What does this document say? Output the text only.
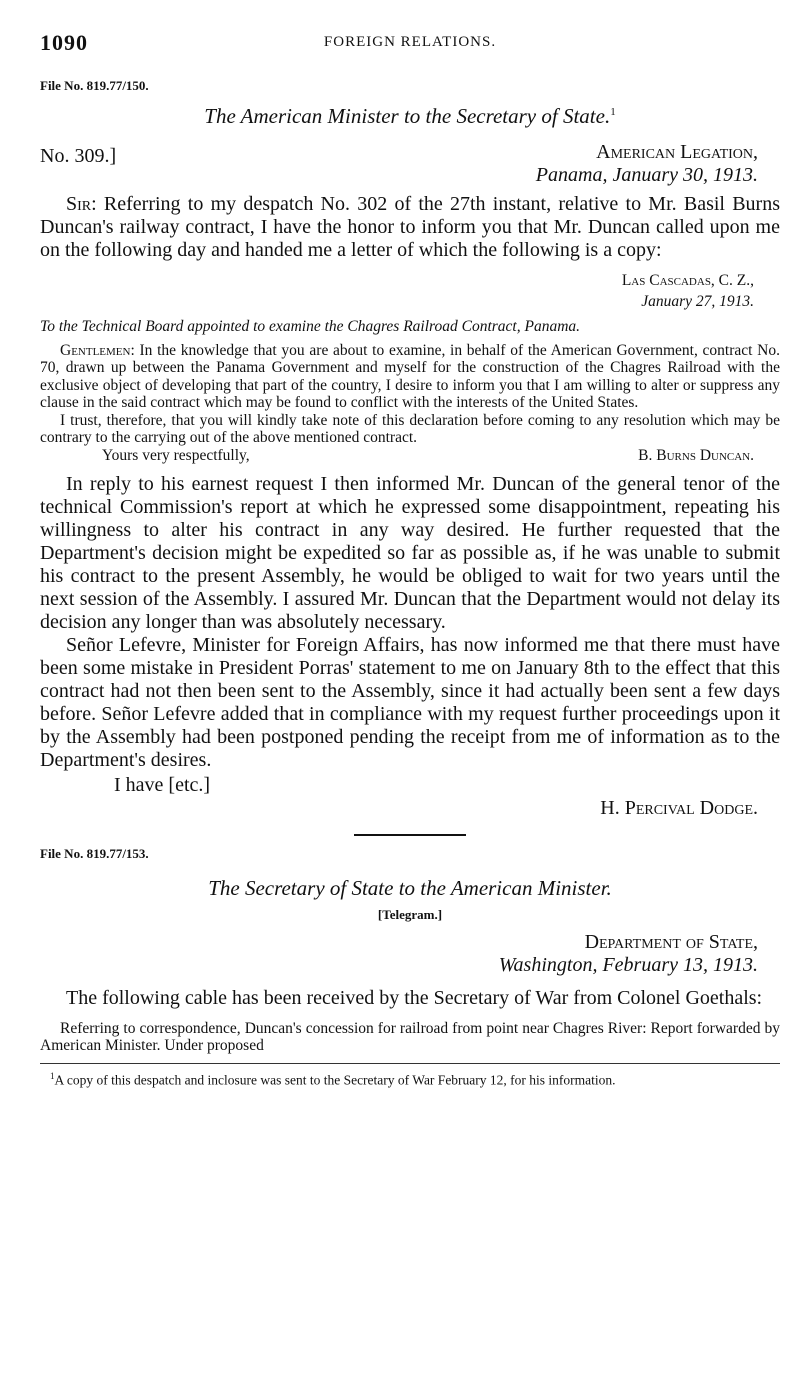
1090	FOREIGN RELATIONS.
File No. 819.77/150.
The American Minister to the Secretary of State.$^1$
No. 309.]	American Legation,
Panama, January 30, 1913.

Sir: Referring to my despatch No. 302 of the 27th instant, relative to Mr. Basil Burns Duncan's railway contract, I have the honor to inform you that Mr. Duncan called upon me on the following day and handed me a letter of which the following is a copy:

Las Cascadas, C. Z.,
January 27, 1913.
To the Technical Board appointed to examine the Chagres Railroad Contract, Panama.

Gentlemen: In the knowledge that you are about to examine, in behalf of the American Government, contract No. 70, drawn up between the Panama Government and myself for the construction of the Chagres Railroad with the exclusive object of developing that part of the country, I desire to inform you that I am willing to alter or suppress any clause in the said contract which may be found to conflict with the interests of the United States.

I trust, therefore, that you will kindly take note of this declaration before coming to any resolution which may be contrary to the carrying out of the above mentioned contract.

Yours very respectfully,	B. Burns Duncan.

In reply to his earnest request I then informed Mr. Duncan of the general tenor of the technical Commission's report at which he expressed some disappointment, repeating his willingness to alter his contract in any way desired. He further requested that the Department's decision might be expedited so far as possible as, if he was unable to submit his contract to the present Assembly, he would be obliged to wait for two years until the next session of the Assembly. I assured Mr. Duncan that the Department would not delay its decision any longer than was absolutely necessary.

Señor Lefevre, Minister for Foreign Affairs, has now informed me that there must have been some mistake in President Porras' statement to me on January 8th to the effect that this contract had not then been sent to the Assembly, since it had actually been sent a few days before. Señor Lefevre added that in compliance with my request further proceedings upon it by the Assembly had been postponed pending the receipt from me of information as to the Department's desires.

I have [etc.]
H. Percival Dodge.
File No. 819.77/153.
The Secretary of State to the American Minister.
[Telegram.]
Department of State,
Washington, February 13, 1913.

The following cable has been received by the Secretary of War from Colonel Goethals:

Referring to correspondence, Duncan's concession for railroad from point near Chagres River: Report forwarded by American Minister. Under proposed

$^1$A copy of this despatch and inclosure was sent to the Secretary of War February 12, for his information.
